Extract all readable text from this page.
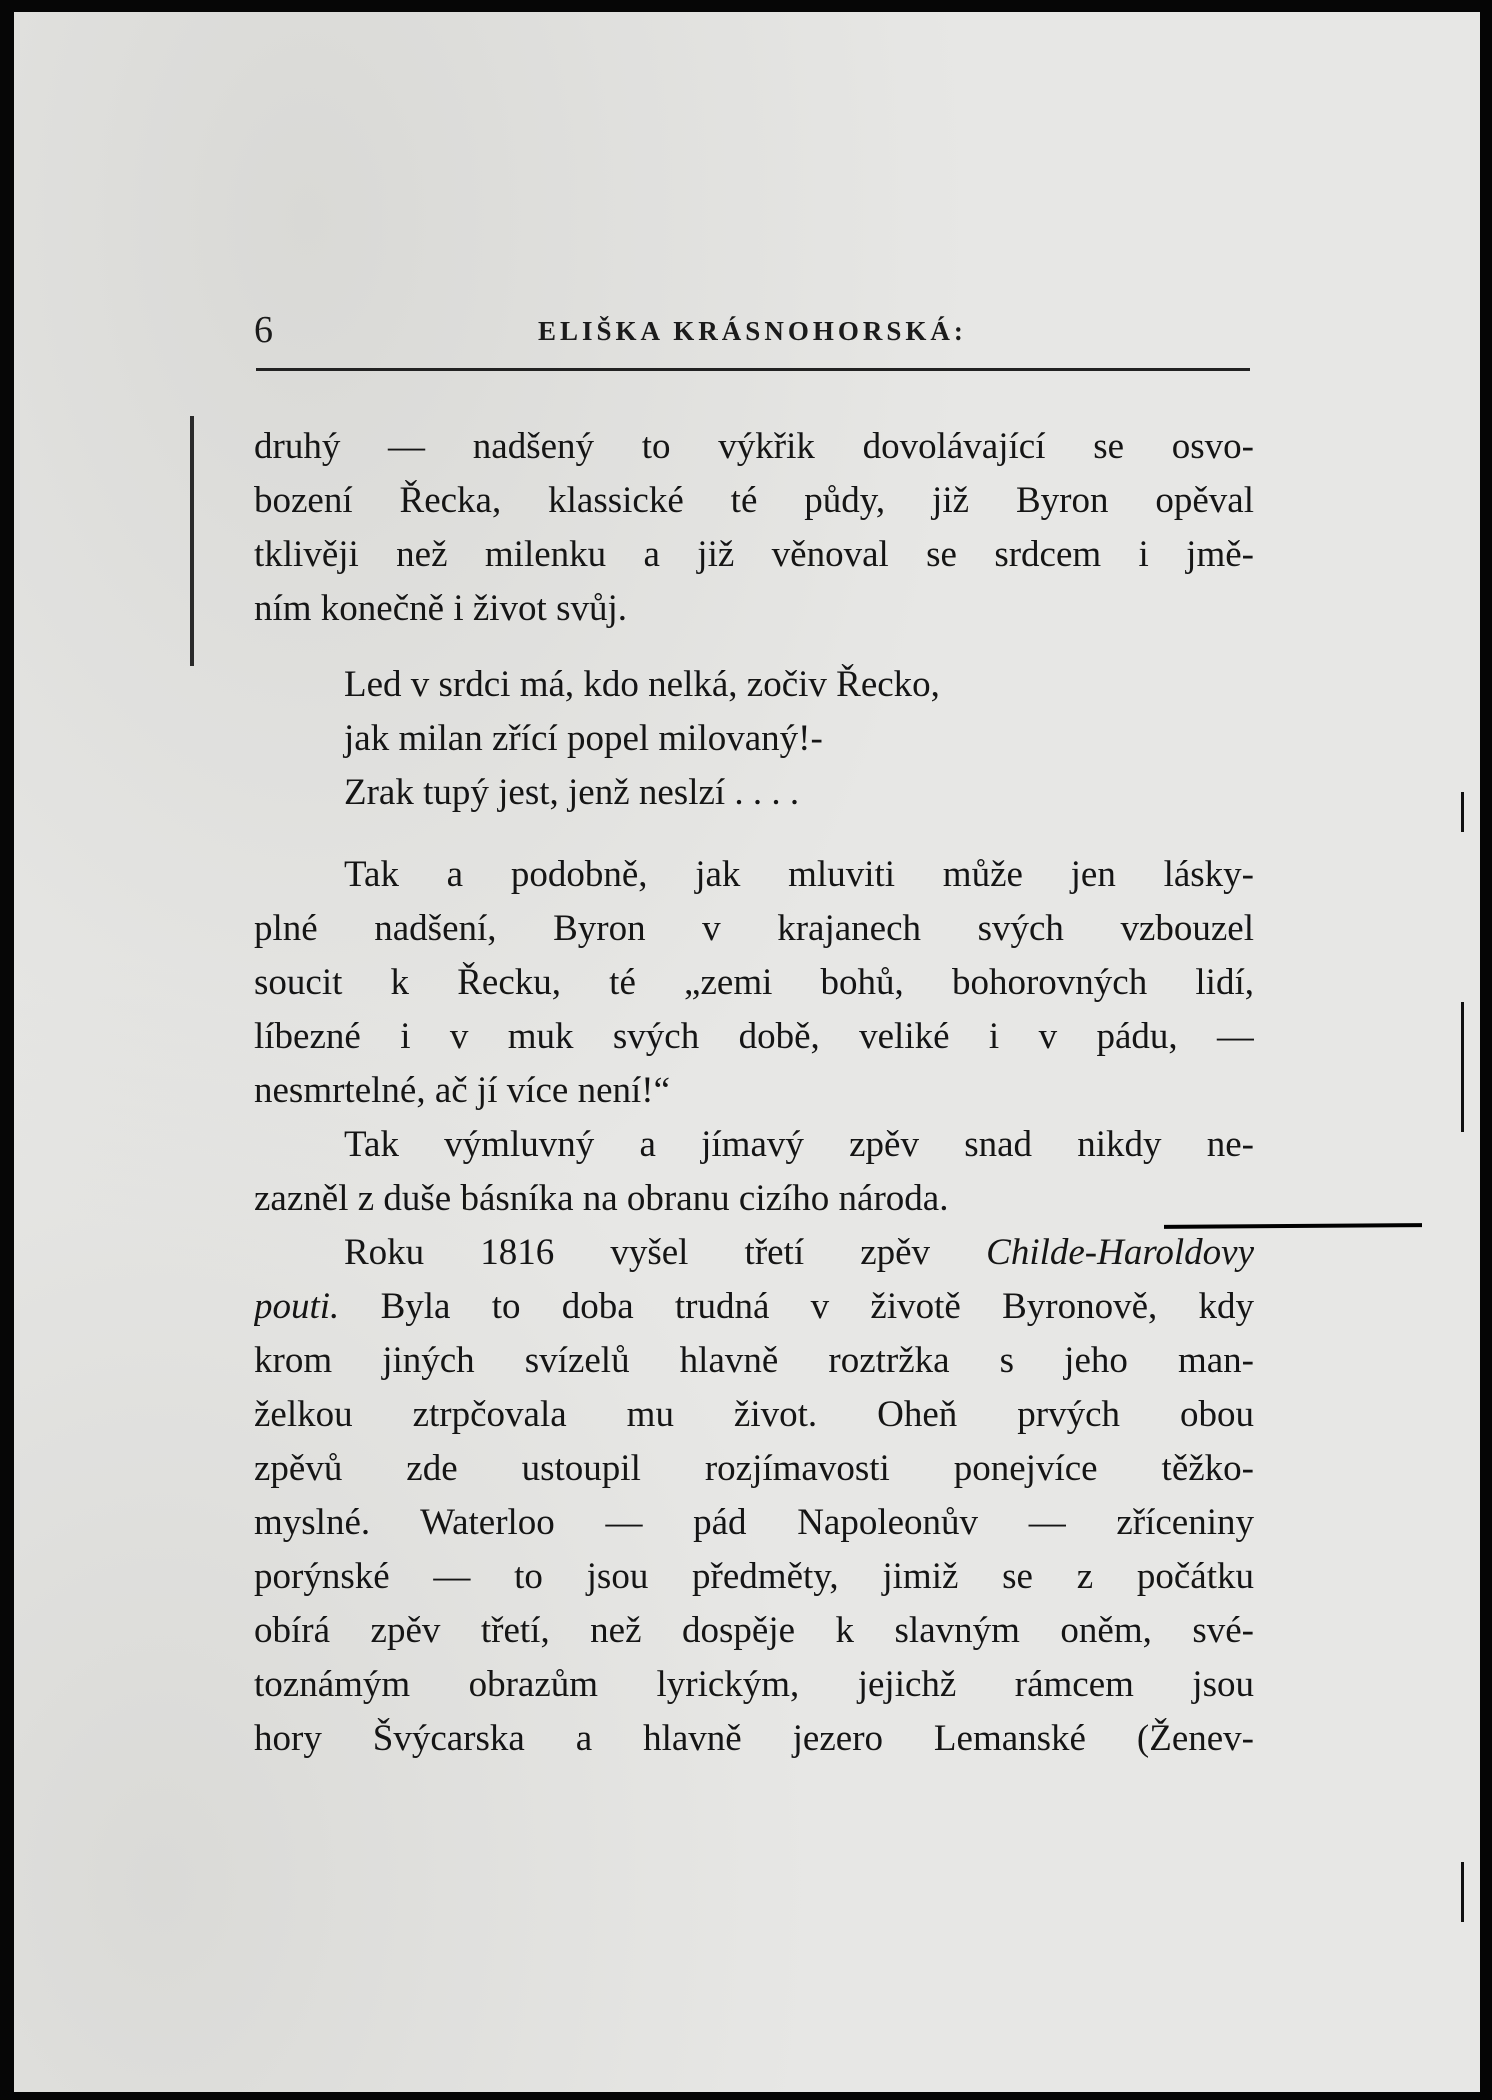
6	ELIŠKA KRÁSNOHORSKÁ:
druhý — nadšený to výkřik dovolávající se osvo-
bození Řecka, klassické té půdy, již Byron opěval
tklivěji než milenku a již věnoval se srdcem i jmě-
ním konečně i život svůj.
Led v srdci má, kdo nelká, zočiv Řecko,
jak milan zřící popel milovaný!-
Zrak tupý jest, jenž neslzí . . . .
Tak a podobně, jak mluviti může jen lásky-
plné nadšení, Byron v krajanech svých vzbouzel
soucit k Řecku, té „zemi bohů, bohorovných lidí,
líbezné i v muk svých době, veliké i v pádu, —
nesmrtelné, ač jí více není!“
Tak výmluvný a jímavý zpěv snad nikdy ne-
zazněl z duše básníka na obranu cizího národa.
Roku 1816 vyšel třetí zpěv Childe-Haroldovy
pouti. Byla to doba trudná v životě Byronově, kdy
krom jiných svízelů hlavně roztržka s jeho man-
želkou ztrpčovala mu život. Oheň prvých obou
zpěvů zde ustoupil rozjímavosti ponejvíce těžko-
myslné. Waterloo — pád Napoleonův — zříceniny
porýnské — to jsou předměty, jimiž se z počátku
obírá zpěv třetí, než dospěje k slavným oněm, své-
toznámým obrazům lyrickým, jejichž rámcem jsou
hory Švýcarska a hlavně jezero Lemanské (Ženev-
